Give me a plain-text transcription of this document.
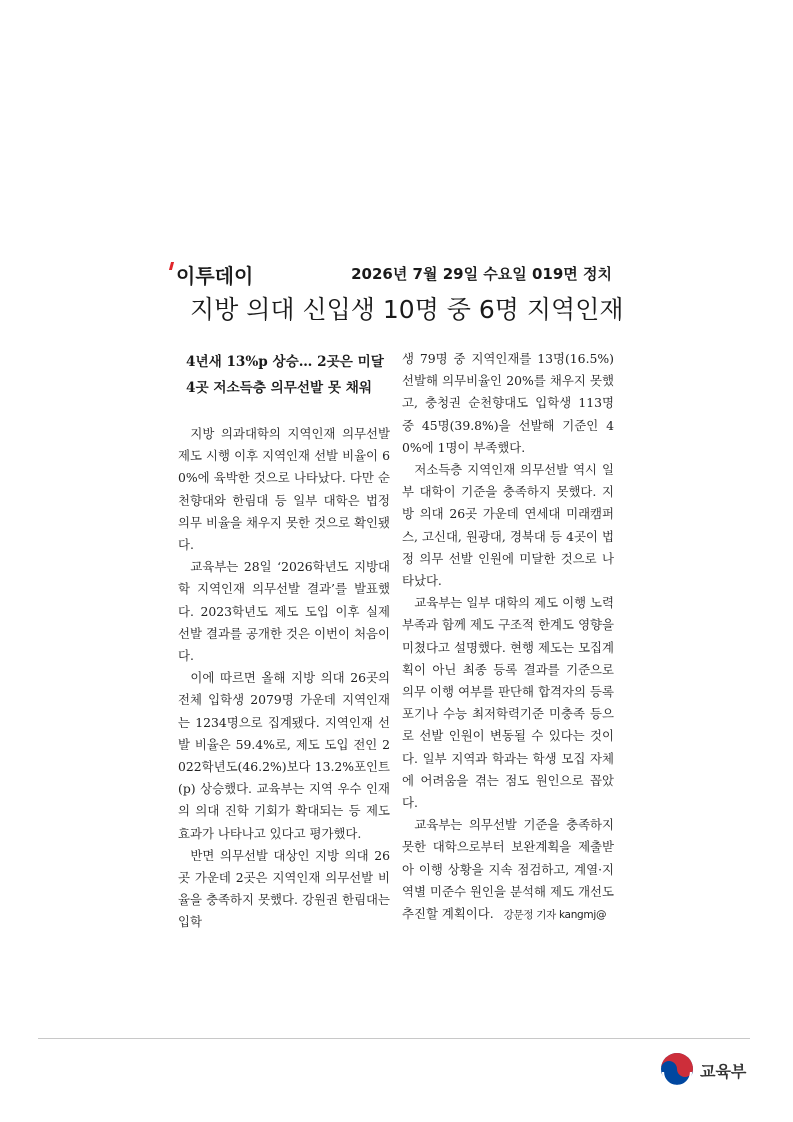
이투데이	2026년 7월 29일 수요일 019면 정치
지방 의대 신입생 10명 중 6명 지역인재
4년새 13%p 상승… 2곳은 미달
4곳 저소득층 의무선발 못 채워

지방 의과대학의 지역인재 의무선발 제도 시행 이후 지역인재 선발 비율이 60%에 육박한 것으로 나타났다. 다만 순천향대와 한림대 등 일부 대학은 법정 의무 비율을 채우지 못한 것으로 확인됐다.

교육부는 28일 ‘2026학년도 지방대학 지역인재 의무선발 결과’를 발표했다. 2023학년도 제도 도입 이후 실제 선발 결과를 공개한 것은 이번이 처음이다.

이에 따르면 올해 지방 의대 26곳의 전체 입학생 2079명 가운데 지역인재는 1234명으로 집계됐다. 지역인재 선발 비율은 59.4%로, 제도 도입 전인 2022학년도(46.2%)보다 13.2%포인트(p) 상승했다. 교육부는 지역 우수 인재의 의대 진학 기회가 확대되는 등 제도 효과가 나타나고 있다고 평가했다.

반면 의무선발 대상인 지방 의대 26곳 가운데 2곳은 지역인재 의무선발 비율을 충족하지 못했다. 강원권 한림대는 입학

생 79명 중 지역인재를 13명(16.5%) 선발해 의무비율인 20%를 채우지 못했고, 충청권 순천향대도 입학생 113명 중 45명(39.8%)을 선발해 기준인 40%에 1명이 부족했다.

저소득층 지역인재 의무선발 역시 일부 대학이 기준을 충족하지 못했다. 지방 의대 26곳 가운데 연세대 미래캠퍼스, 고신대, 원광대, 경북대 등 4곳이 법정 의무 선발 인원에 미달한 것으로 나타났다.

교육부는 일부 대학의 제도 이행 노력 부족과 함께 제도 구조적 한계도 영향을 미쳤다고 설명했다. 현행 제도는 모집계획이 아닌 최종 등록 결과를 기준으로 의무 이행 여부를 판단해 합격자의 등록 포기나 수능 최저학력기준 미충족 등으로 선발 인원이 변동될 수 있다는 것이다. 일부 지역과 학과는 학생 모집 자체에 어려움을 겪는 점도 원인으로 꼽았다.

교육부는 의무선발 기준을 충족하지 못한 대학으로부터 보완계획을 제출받아 이행 상황을 지속 점검하고, 계열·지역별 미준수 원인을 분석해 제도 개선도 추진할 계획이다. 강문정 기자 kangmj@

교육부
